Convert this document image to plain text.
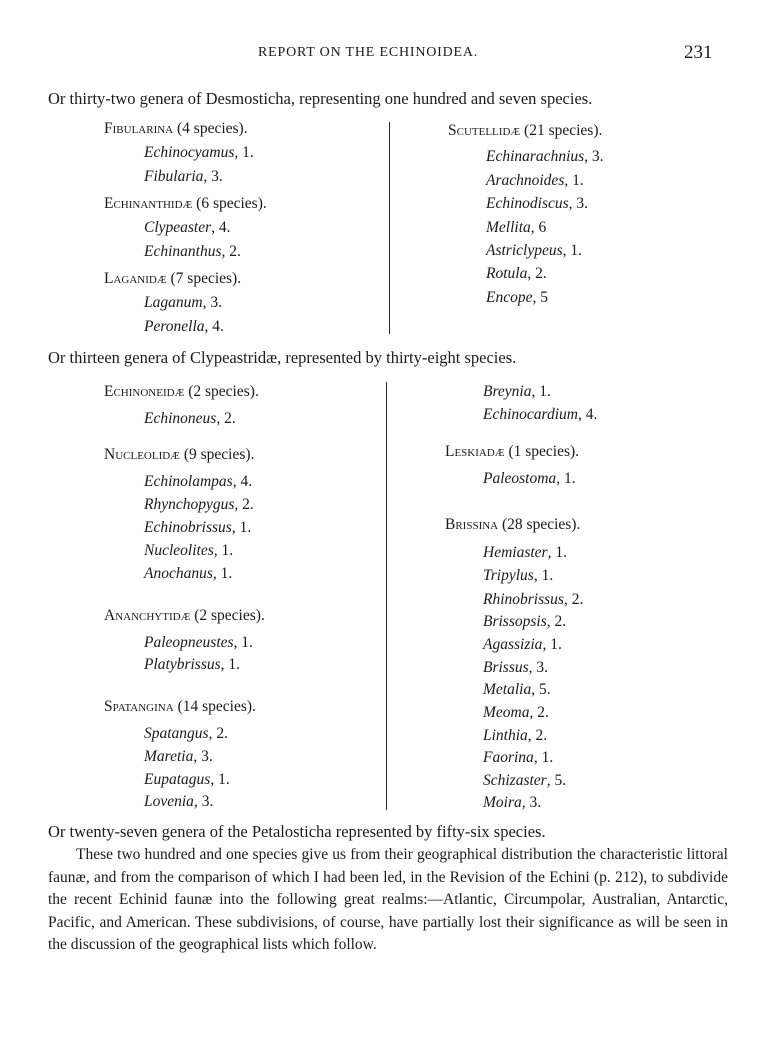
REPORT ON THE ECHINOIDEA.	231
Or thirty-two genera of Desmosticha, representing one hundred and seven species.
Fibularina (4 species).
Echinocyamus, 1.
Fibularia, 3.
Echinanthidæ (6 species).
Clypeaster, 4.
Echinanthus, 2.
Laganidæ (7 species).
Laganum, 3.
Peronella, 4.
Scutellidæ (21 species).
Echinarachnius, 3.
Arachnoides, 1.
Echinodiscus, 3.
Mellita, 6
Astriclypeus, 1.
Rotula, 2.
Encope, 5
Or thirteen genera of Clypeastridæ, represented by thirty-eight species.
Echinoneidæ (2 species).
Echinoneus, 2.
Nucleolidæ (9 species).
Echinolampas, 4.
Rhynchopygus, 2.
Echinobrissus, 1.
Nucleolites, 1.
Anochanus, 1.
Ananchytidæ (2 species).
Paleopneustes, 1.
Platybrissus, 1.
Spatangina (14 species).
Spatangus, 2.
Maretia, 3.
Eupatagus, 1.
Lovenia, 3.
Breynia, 1.
Echinocardium, 4.
Leskiadæ (1 species).
Paleostoma, 1.
Brissina (28 species).
Hemiaster, 1.
Tripylus, 1.
Rhinobrissus, 2.
Brissopsis, 2.
Agassizia, 1.
Brissus, 3.
Metalia, 5.
Meoma, 2.
Linthia, 2.
Faorina, 1.
Schizaster, 5.
Moira, 3.
Or twenty-seven genera of the Petalosticha represented by fifty-six species.

These two hundred and one species give us from their geographical distribution the characteristic littoral faunæ, and from the comparison of which I had been led, in the Revision of the Echini (p. 212), to subdivide the recent Echinid faunæ into the following great realms:—Atlantic, Circumpolar, Australian, Antarctic, Pacific, and American. These subdivisions, of course, have partially lost their significance as will be seen in the discussion of the geographical lists which follow.
